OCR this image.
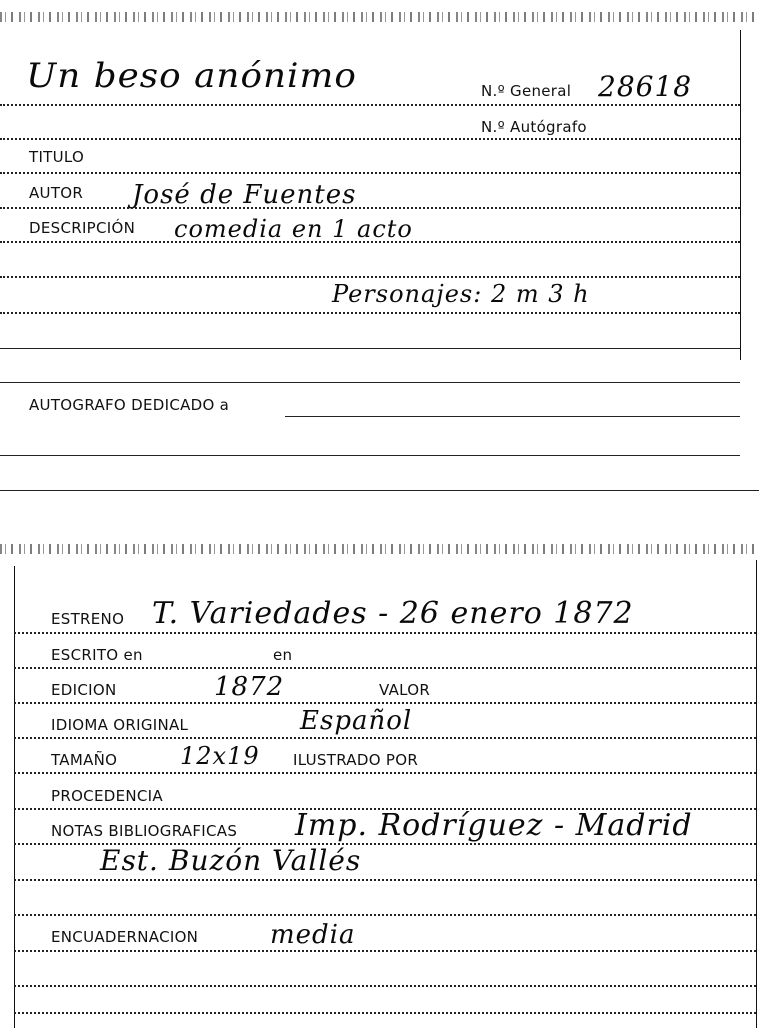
Un beso anónimo	N.º General 28618
N.º Autógrafo
TITULO
AUTOR José de Fuentes
DESCRIPCIÓN comedia en 1 acto
Personajes: 2 m 3 h
AUTOGRAFO DEDICADO a
ESTRENO T. Variedades - 26 enero 1872
ESCRITO en	en
EDICION	1872	VALOR
IDIOMA ORIGINAL	Español
TAMAÑO	12x19 ILUSTRADO POR
PROCEDENCIA
NOTAS BIBLIOGRAFICAS Imp. Rodríguez - Madrid
Est. Buzón Vallés
ENCUADERNACION	media
